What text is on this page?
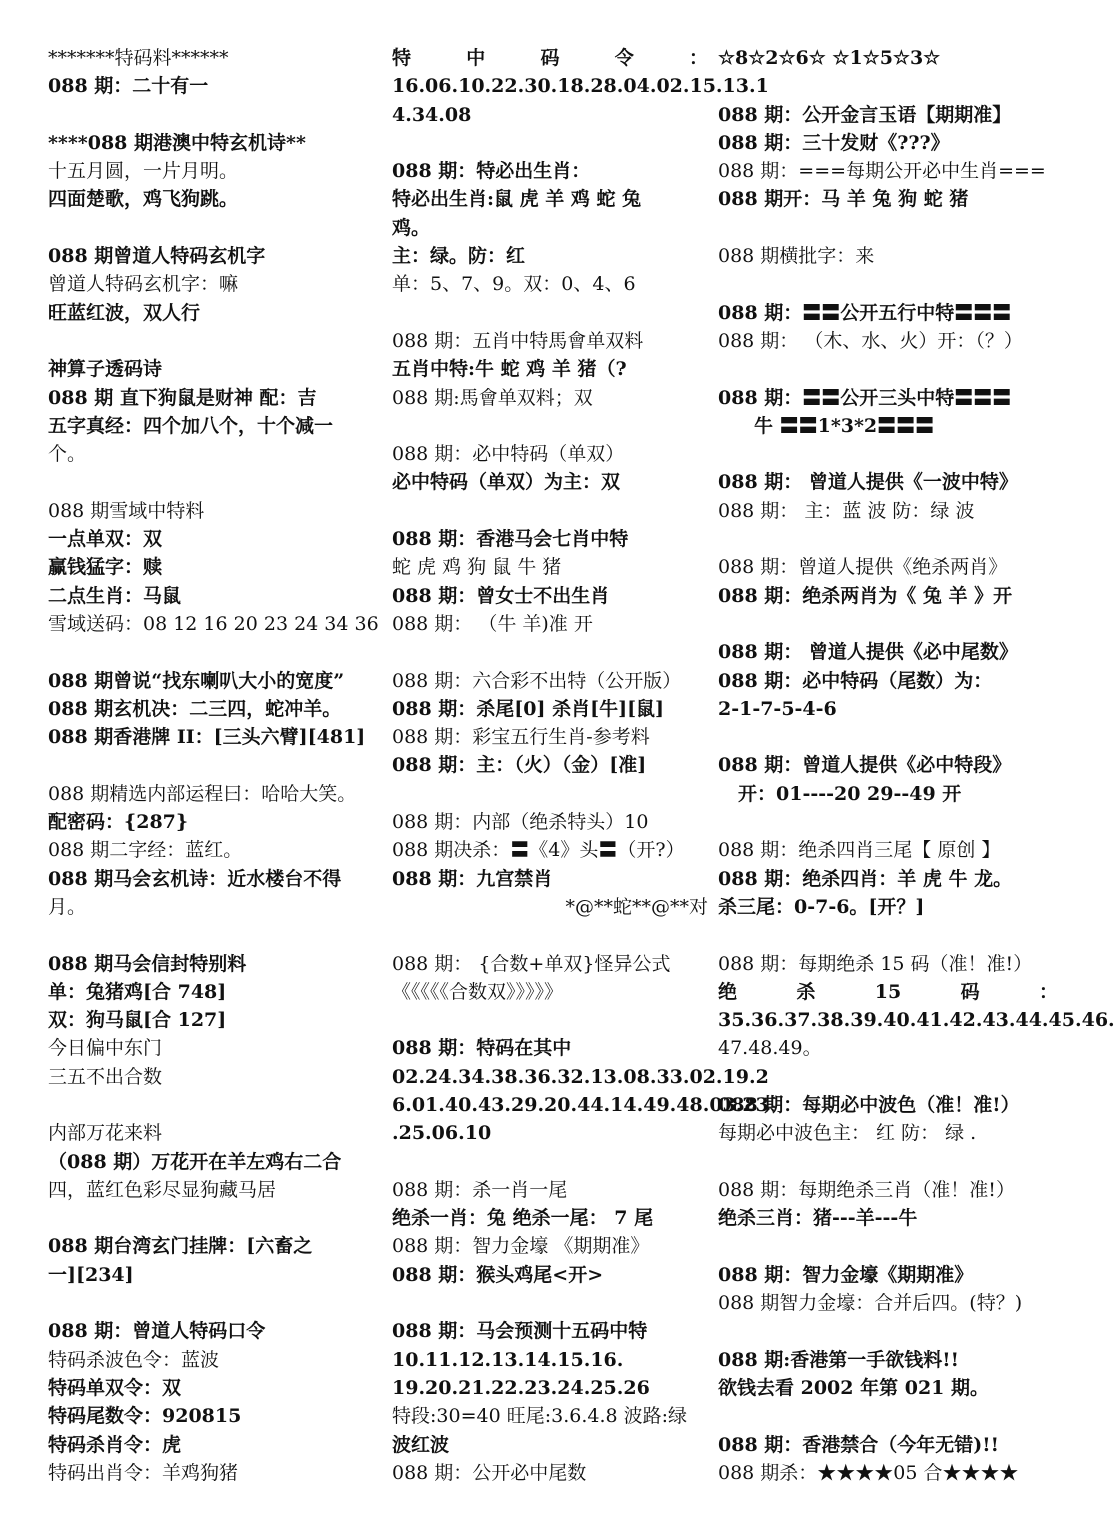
*******特码料******
088 期：二十有一
****088 期港澳中特玄机诗**
十五月圆，一片月明。
四面楚歌，鸡飞狗跳。
088 期曾道人特码玄机字
曾道人特码玄机字：嘛
旺蓝红波，双人行
神算子透码诗
088 期 直下狗鼠是财神 配：吉
五字真经：四个加八个，十个减一
个。
088 期雪域中特料
一点单双：双
赢钱猛字：赎
二点生肖：马鼠
雪域送码：08 12 16 20 23 24 34 36
088 期曾说“找东喇叭大小的宽度”
088 期玄机决：二三四，蛇冲羊。
088 期香港牌 II：[三头六臂][481]
088 期精选内部运程曰：哈哈大笑。
配密码：{287}
088 期二字经：蓝红。
088 期马会玄机诗：近水楼台不得
月。
088 期马会信封特别料
单：兔猪鸡[合 748]
双：狗马鼠[合 127]
今日偏中东门
三五不出合数
内部万花来料
（088 期）万花开在羊左鸡右二合
四，蓝红色彩尽显狗藏马居
088 期台湾玄门挂牌：[六畜之
一][234]
088 期：曾道人特码口令
特码杀波色令：蓝波
特码单双令：双
特码尾数令：920815
特码杀肖令：虎
特码出肖令：羊鸡狗猪
特	中	码	令	：
16.06.10.22.30.18.28.04.02.15.13.1
4.34.08
088 期：特必出生肖：
特必出生肖:鼠 虎 羊 鸡 蛇 兔
鸡。
主：绿。防：红
单：5、7、9。双：0、4、6
088 期：五肖中特馬會单双料
五肖中特:牛 蛇 鸡 羊 猪（?
088 期:馬會单双料；双
088 期：必中特码（单双）
必中特码（单双）为主：双
088 期：香港马会七肖中特
蛇 虎 鸡 狗 鼠 牛 猪
088 期：曾女士不出生肖
088 期： （牛 羊)准 开
088 期：六合彩不出特（公开版）
088 期：杀尾[0] 杀肖[牛][鼠]
088 期：彩宝五行生肖-参考料
088 期：主：（火）（金）[准]
088 期：内部（绝杀特头）10
088 期决杀：〓《4》头〓（开?）
088 期：九宫禁肖
*@**蛇**@**对
088 期： {合数+单双}怪异公式
《《《《《合数双》》》》》
088 期：特码在其中
02.24.34.38.36.32.13.08.33.02.19.2
6.01.40.43.29.20.44.14.49.48.03.23
.25.06.10
088 期：杀一肖一尾
绝杀一肖：兔 绝杀一尾： 7 尾
088 期：智力金壕 《期期准》
088 期：猴头鸡尾<开>
088 期：马会预测十五码中特
10.11.12.13.14.15.16.
19.20.21.22.23.24.25.26
特段:30=40 旺尾:3.6.4.8 波路:绿
波红波
088 期：公开必中尾数
☆8☆2☆6☆ ☆1☆5☆3☆
088 期：公开金言玉语【期期准】
088 期：三十发财《???》
088 期：===每期公开必中生肖===
088 期开：马 羊 兔 狗 蛇 猪
088 期横批字：来
088 期：〓〓公开五行中特〓〓〓
088 期： （木、水、火）开：（？）
088 期：〓〓公开三头中特〓〓〓
牛 〓〓1*3*2〓〓〓
088 期： 曾道人提供《一波中特》
088 期： 主：蓝 波 防：绿 波
088 期：曾道人提供《绝杀两肖》
088 期：绝杀两肖为《 兔 羊 》开
088 期： 曾道人提供《必中尾数》
088 期：必中特码（尾数）为：
2-1-7-5-4-6
088 期：曾道人提供《必中特段》
开：01----20 29--49 开
088 期：绝杀四肖三尾【 原创 】
088 期：绝杀四肖：羊 虎 牛 龙。
杀三尾：0-7-6。[开？]
088 期：每期绝杀 15 码（准！准!）
绝	杀	15	码	：
35.36.37.38.39.40.41.42.43.44.45.46.
47.48.49。
088 期：每期必中波色（准！准!）
每期必中波色主： 红 防： 绿 .
088 期：每期绝杀三肖（准！准!）
绝杀三肖：猪---羊---牛
088 期：智力金壕《期期准》
088 期智力金壕：合并后四。(特？)
088 期:香港第一手欲钱料!!
欲钱去看 2002 年第 021 期。
088 期：香港禁合（今年无错)!!
088 期杀：★★★★05 合★★★★
